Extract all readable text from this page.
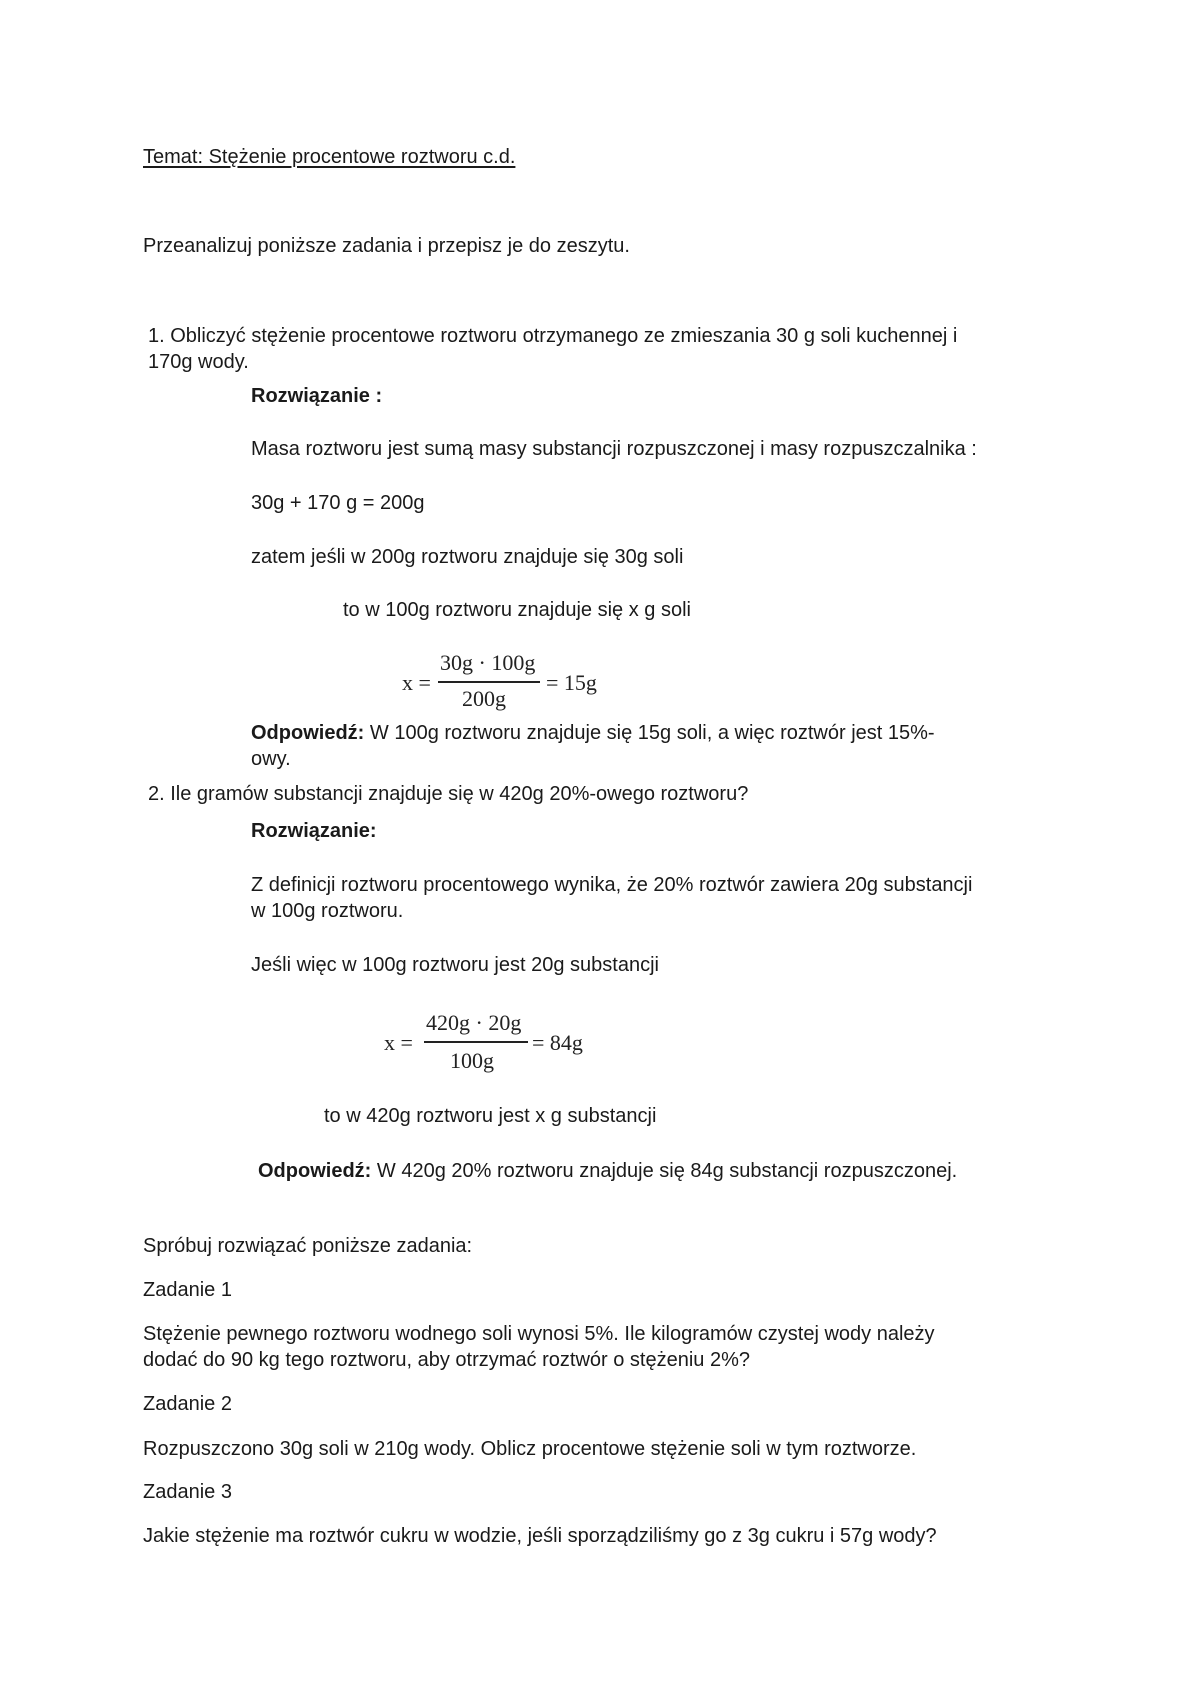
Temat: Stężenie procentowe roztworu c.d.
Przeanalizuj poniższe zadania i przepisz je do zeszytu.
1. Obliczyć stężenie procentowe roztworu otrzymanego ze zmieszania 30 g soli kuchennej i
170g wody.
Rozwiązanie :
Masa roztworu jest sumą masy substancji rozpuszczonej i masy rozpuszczalnika :
30g + 170 g = 200g
zatem jeśli w 200g roztworu znajduje się 30g soli
to w 100g roztworu znajduje się x g soli
x =
30g · 100g
200g
= 15g
Odpowiedź: W 100g roztworu znajduje się 15g soli, a więc roztwór jest 15%-
owy.
2. Ile gramów substancji znajduje się w 420g 20%-owego roztworu?
Rozwiązanie:
Z definicji roztworu procentowego wynika, że 20% roztwór zawiera 20g substancji
w 100g roztworu.
Jeśli więc w 100g roztworu jest 20g substancji
x =
420g · 20g
100g
= 84g
to w 420g roztworu jest x g substancji
Odpowiedź: W 420g 20% roztworu znajduje się 84g substancji rozpuszczonej.
Spróbuj rozwiązać poniższe zadania:
Zadanie 1
Stężenie pewnego roztworu wodnego soli wynosi 5%. Ile kilogramów czystej wody należy
dodać do 90 kg tego roztworu, aby otrzymać roztwór o stężeniu 2%?
Zadanie 2
Rozpuszczono 30g soli w 210g wody. Oblicz procentowe stężenie soli w tym roztworze.
Zadanie 3
Jakie stężenie ma roztwór cukru w wodzie, jeśli sporządziliśmy go z 3g cukru i 57g wody?
